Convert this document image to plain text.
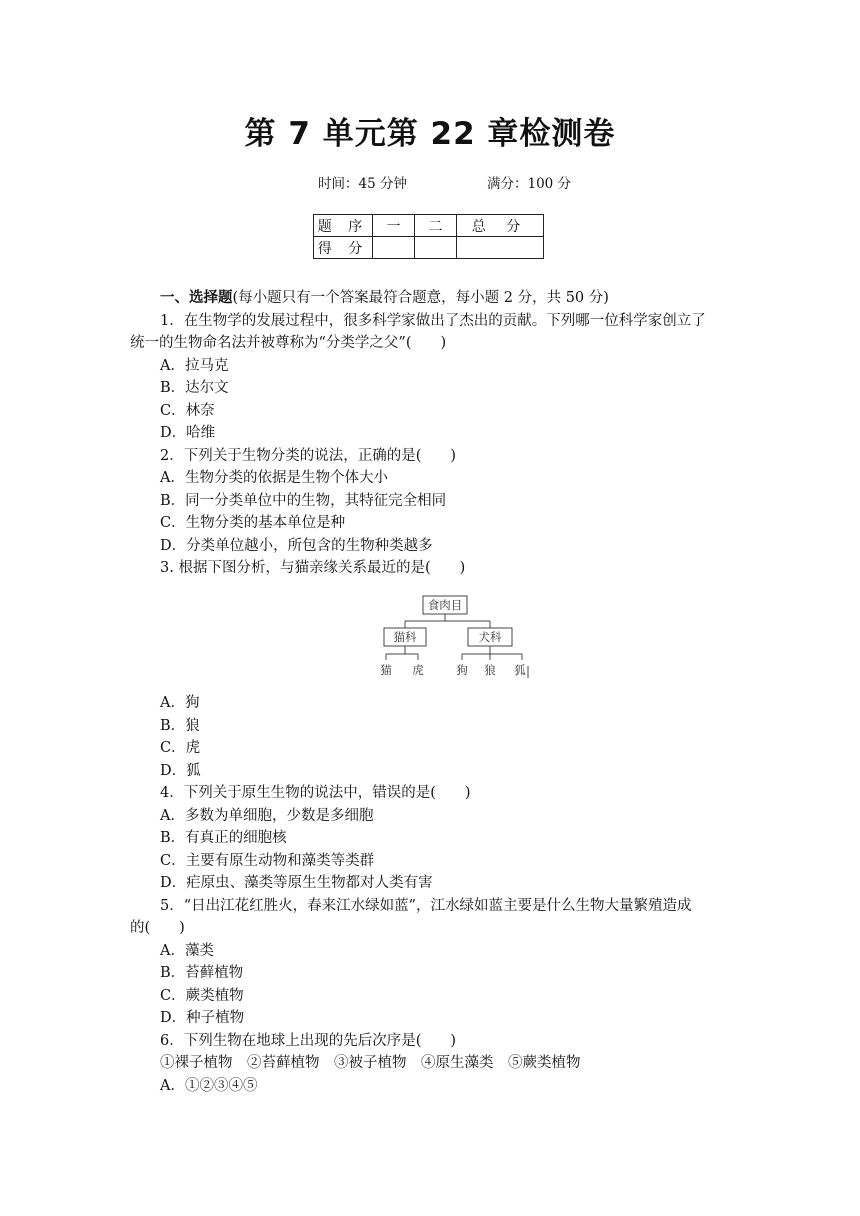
第 7 单元第 22 章检测卷
时间：45 分钟	满分：100 分
题 序	一	二	总 分
得 分			
一、选择题(每小题只有一个答案最符合题意，每小题 2 分，共 50 分)
1．在生物学的发展过程中，很多科学家做出了杰出的贡献。下列哪一位科学家创立了
统一的生物命名法并被尊称为“分类学之父”(　　)
A．拉马克
B．达尔文
C．林奈
D．哈维
2．下列关于生物分类的说法，正确的是(　　)
A．生物分类的依据是生物个体大小
B．同一分类单位中的生物，其特征完全相同
C．生物分类的基本单位是种
D．分类单位越小，所包含的生物种类越多
3. 根据下图分析，与猫亲缘关系最近的是(　　)
食肉目
猫科	犬科
猫 虎	狗 狼 狐
A．狗
B．狼
C．虎
D．狐
4．下列关于原生生物的说法中，错误的是(　　)
A．多数为单细胞，少数是多细胞
B．有真正的细胞核
C．主要有原生动物和藻类等类群
D．疟原虫、藻类等原生生物都对人类有害
5．“日出江花红胜火，春来江水绿如蓝”，江水绿如蓝主要是什么生物大量繁殖造成
的(　　)
A．藻类
B．苔藓植物
C．蕨类植物
D．种子植物
6．下列生物在地球上出现的先后次序是(　　)
①裸子植物　②苔藓植物　③被子植物　④原生藻类　⑤蕨类植物
A．①②③④⑤
